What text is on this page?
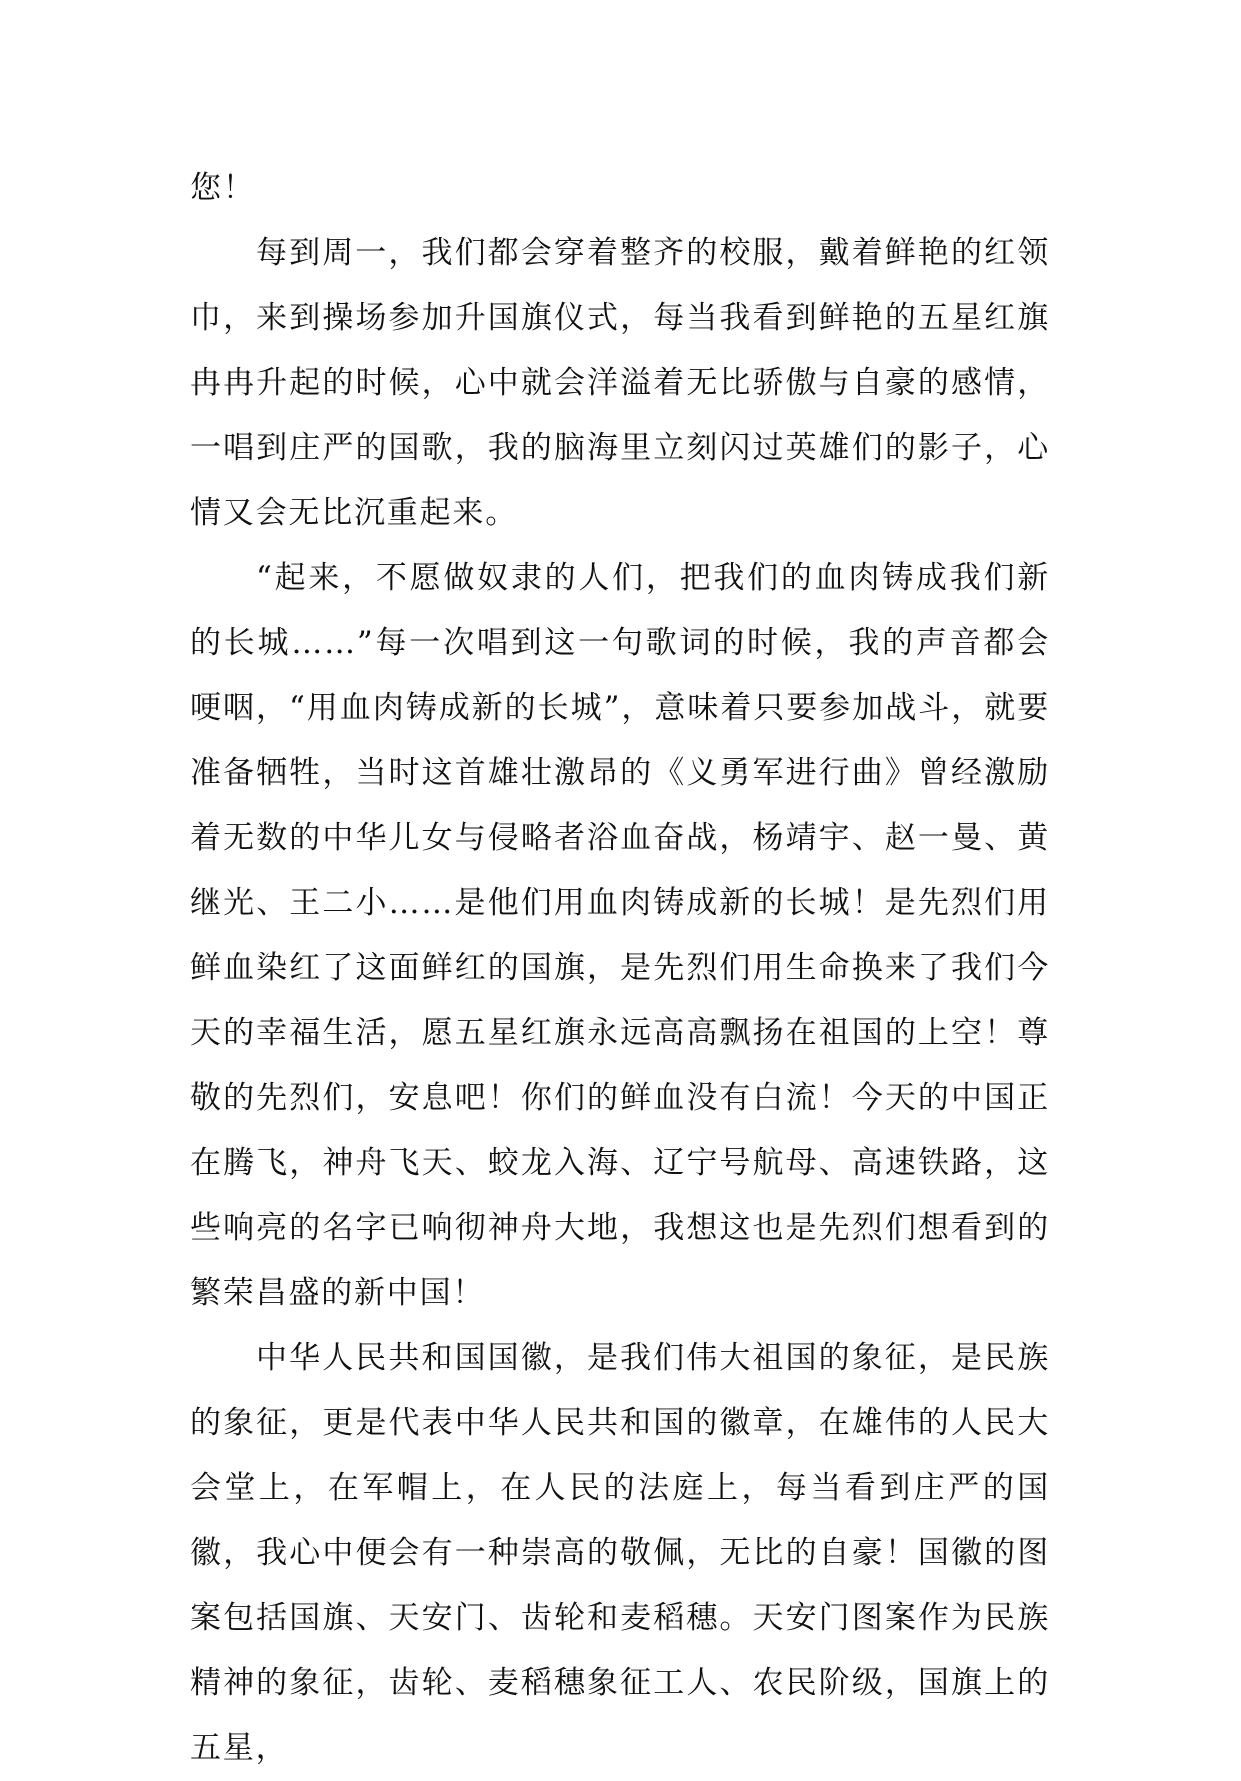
您！

每到周一，我们都会穿着整齐的校服，戴着鲜艳的红领巾，来到操场参加升国旗仪式，每当我看到鲜艳的五星红旗冉冉升起的时候，心中就会洋溢着无比骄傲与自豪的感情，一唱到庄严的国歌，我的脑海里立刻闪过英雄们的影子，心情又会无比沉重起来。

“起来，不愿做奴隶的人们，把我们的血肉铸成我们新的长城……”每一次唱到这一句歌词的时候，我的声音都会哽咽，“用血肉铸成新的长城”，意味着只要参加战斗，就要准备牺牲，当时这首雄壮激昂的《义勇军进行曲》曾经激励着无数的中华儿女与侵略者浴血奋战，杨靖宇、赵一曼、黄继光、王二小……是他们用血肉铸成新的长城！是先烈们用鲜血染红了这面鲜红的国旗，是先烈们用生命换来了我们今天的幸福生活，愿五星红旗永远高高飘扬在祖国的上空！尊敬的先烈们，安息吧！你们的鲜血没有白流！今天的中国正在腾飞，神舟飞天、蛟龙入海、辽宁号航母、高速铁路，这些响亮的名字已响彻神舟大地，我想这也是先烈们想看到的繁荣昌盛的新中国！

中华人民共和国国徽，是我们伟大祖国的象征，是民族的象征，更是代表中华人民共和国的徽章，在雄伟的人民大会堂上，在军帽上，在人民的法庭上，每当看到庄严的国徽，我心中便会有一种崇高的敬佩，无比的自豪！国徽的图案包括国旗、天安门、齿轮和麦稻穗。天安门图案作为民族精神的象征，齿轮、麦稻穗象征工人、农民阶级，国旗上的五星，
